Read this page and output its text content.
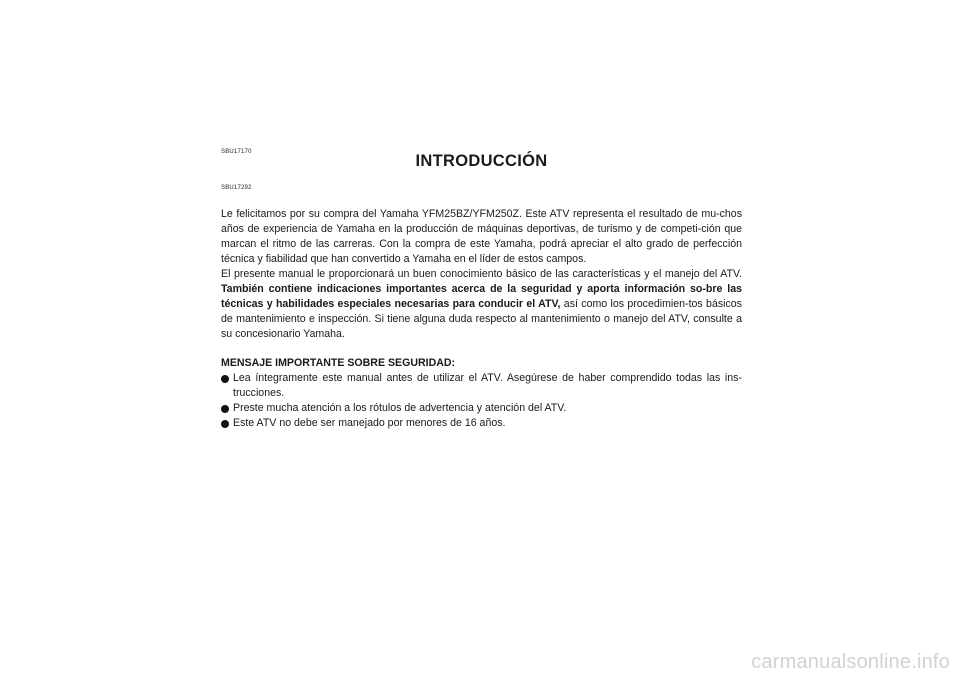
SBU17170	INTRODUCCIÓN
SBU17292

Le felicitamos por su compra del Yamaha YFM25BZ/YFM250Z. Este ATV representa el resultado de mu-chos años de experiencia de Yamaha en la producción de máquinas deportivas, de turismo y de competi-ción que marcan el ritmo de las carreras. Con la compra de este Yamaha, podrá apreciar el alto grado de perfección técnica y fiabilidad que han convertido a Yamaha en el líder de estos campos.

El presente manual le proporcionará un buen conocimiento básico de las características y el manejo del ATV. También contiene indicaciones importantes acerca de la seguridad y aporta información so-bre las técnicas y habilidades especiales necesarias para conducir el ATV, así como los procedimien-tos básicos de mantenimiento e inspección. Si tiene alguna duda respecto al mantenimiento o manejo del ATV, consulte a su concesionario Yamaha.

MENSAJE IMPORTANTE SOBRE SEGURIDAD:

Lea íntegramente este manual antes de utilizar el ATV. Asegúrese de haber comprendido todas las ins-trucciones.
Preste mucha atención a los rótulos de advertencia y atención del ATV.
Este ATV no debe ser manejado por menores de 16 años.
carmanualsonline.info
